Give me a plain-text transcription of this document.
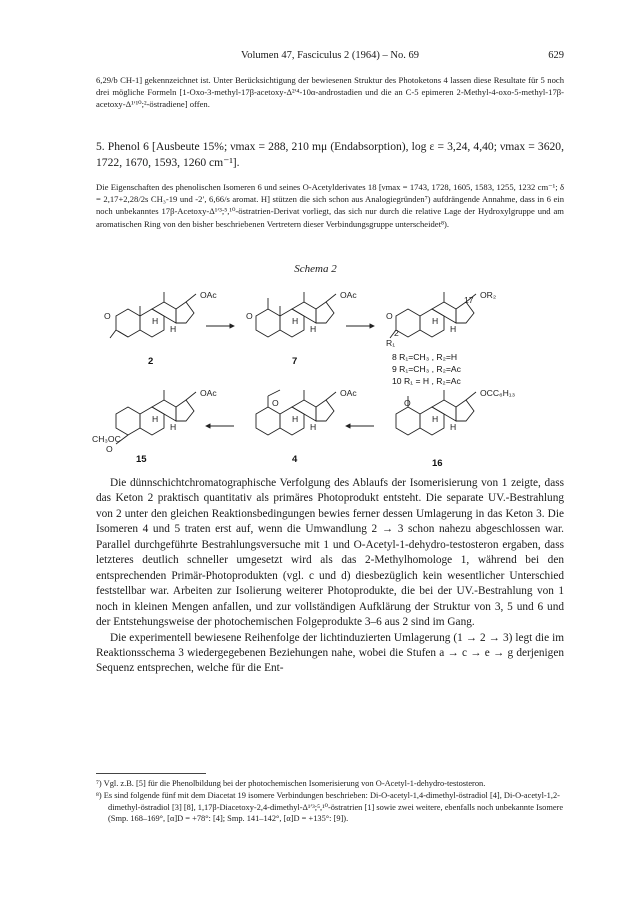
Volumen 47, Fasciculus 2 (1964) – No. 69	629

6,29/b CH-1] gekennzeichnet ist. Unter Berücksichtigung der bewiesenen Struktur des Photoketons 4 lassen diese Resultate für 5 noch drei mögliche Formeln [1-Oxo-3-methyl-17β-acetoxy-Δ²′⁴-10α-androstadien und die an C-5 epimeren 2-Methyl-4-oxo-5-methyl-17β-acetoxy-Δ¹′¹⁰;²-östradiene] offen.

5. Phenol 6 [Ausbeute 15%; νmax = 288, 210 mμ (Endabsorption), log ε = 3,24, 4,40; νmax = 3620, 1722, 1670, 1593, 1260 cm⁻¹].

Die Eigenschaften des phenolischen Isomeren 6 und seines O-Acetylderivates 18 [νmax = 1743, 1728, 1605, 1583, 1255, 1232 cm⁻¹; δ = 2,17+2,28/2s CH₃-19 und -2′, 6,66/s aromat. H] stützen die sich schon aus Analogiegründen⁷) aufdrängende Annahme, dass in 6 ein noch unbekanntes 17β-Acetoxy-Δ¹′³;⁵,¹⁰-östratrien-Derivat vorliegt, das sich nur durch die relative Lage der Hydroxylgruppe und am aromatischen Ring von den bisher beschriebenen Vertretern dieser Verbindungsgruppe unterscheidet⁸).

Schema 2
OAc	OAc	OR₂
OAc	OAc	OCC₆H₁₃
O	O	O
O	O
R₁
17
2
CH₃OC
O
H
H
H
H
H
H
H
H
H
H
H
H
2	7
15	4	16
8 R₁=CH₃ , R₂=H
9 R₁=CH₃ , R₂=Ac
10 R₁ = H , R₂=Ac

Die dünnschichtchromatographische Verfolgung des Ablaufs der Isomerisierung von 1 zeigte, dass das Keton 2 praktisch quantitativ als primäres Photoprodukt entsteht. Die separate UV.-Bestrahlung von 2 unter den gleichen Reaktionsbedingungen bewies ferner dessen Umlagerung in das Keton 3. Die Isomeren 4 und 5 traten erst auf, wenn die Umwandlung 2 → 3 schon nahezu abgeschlossen war. Parallel durchgeführte Bestrahlungsversuche mit 1 und O-Acetyl-1-dehydro-testosteron ergaben, dass letzteres deutlich schneller umgesetzt wird als das 2-Methylhomologe 1, während bei den entsprechenden Primär-Photoprodukten (vgl. c und d) diesbezüglich kein wesentlicher Unterschied feststellbar war. Arbeiten zur Isolierung weiterer Photoprodukte, die bei der UV.-Bestrahlung von 1 noch in kleinen Mengen anfallen, und zur vollständigen Aufklärung der Struktur von 3, 5 und 6 und der Entstehungsweise der photochemischen Folgeprodukte 3–6 aus 2 sind im Gang.

Die experimentell bewiesene Reihenfolge der lichtinduzierten Umlagerung (1 → 2 → 3) legt die im Reaktionsschema 3 wiedergegebenen Beziehungen nahe, wobei die Stufen a → c → e → g derjenigen Sequenz entsprechen, welche für die Ent-

⁷) Vgl. z.B. [5] für die Phenolbildung bei der photochemischen Isomerisierung von O-Acetyl-1-dehydro-testosteron.

⁸) Es sind folgende fünf mit dem Diacetat 19 isomere Verbindungen beschrieben: Di-O-acetyl-1,4-dimethyl-östradiol [4], Di-O-acetyl-1,2-dimethyl-östradiol [3] [8], 1,17β-Diacetoxy-2,4-dimethyl-Δ¹′³;⁵,¹⁰-östratrien [1] sowie zwei weitere, ebenfalls noch unbekannte Isomere (Smp. 168–169°, [α]D = +78°: [4]; Smp. 141–142°, [α]D = +135°: [9]).
